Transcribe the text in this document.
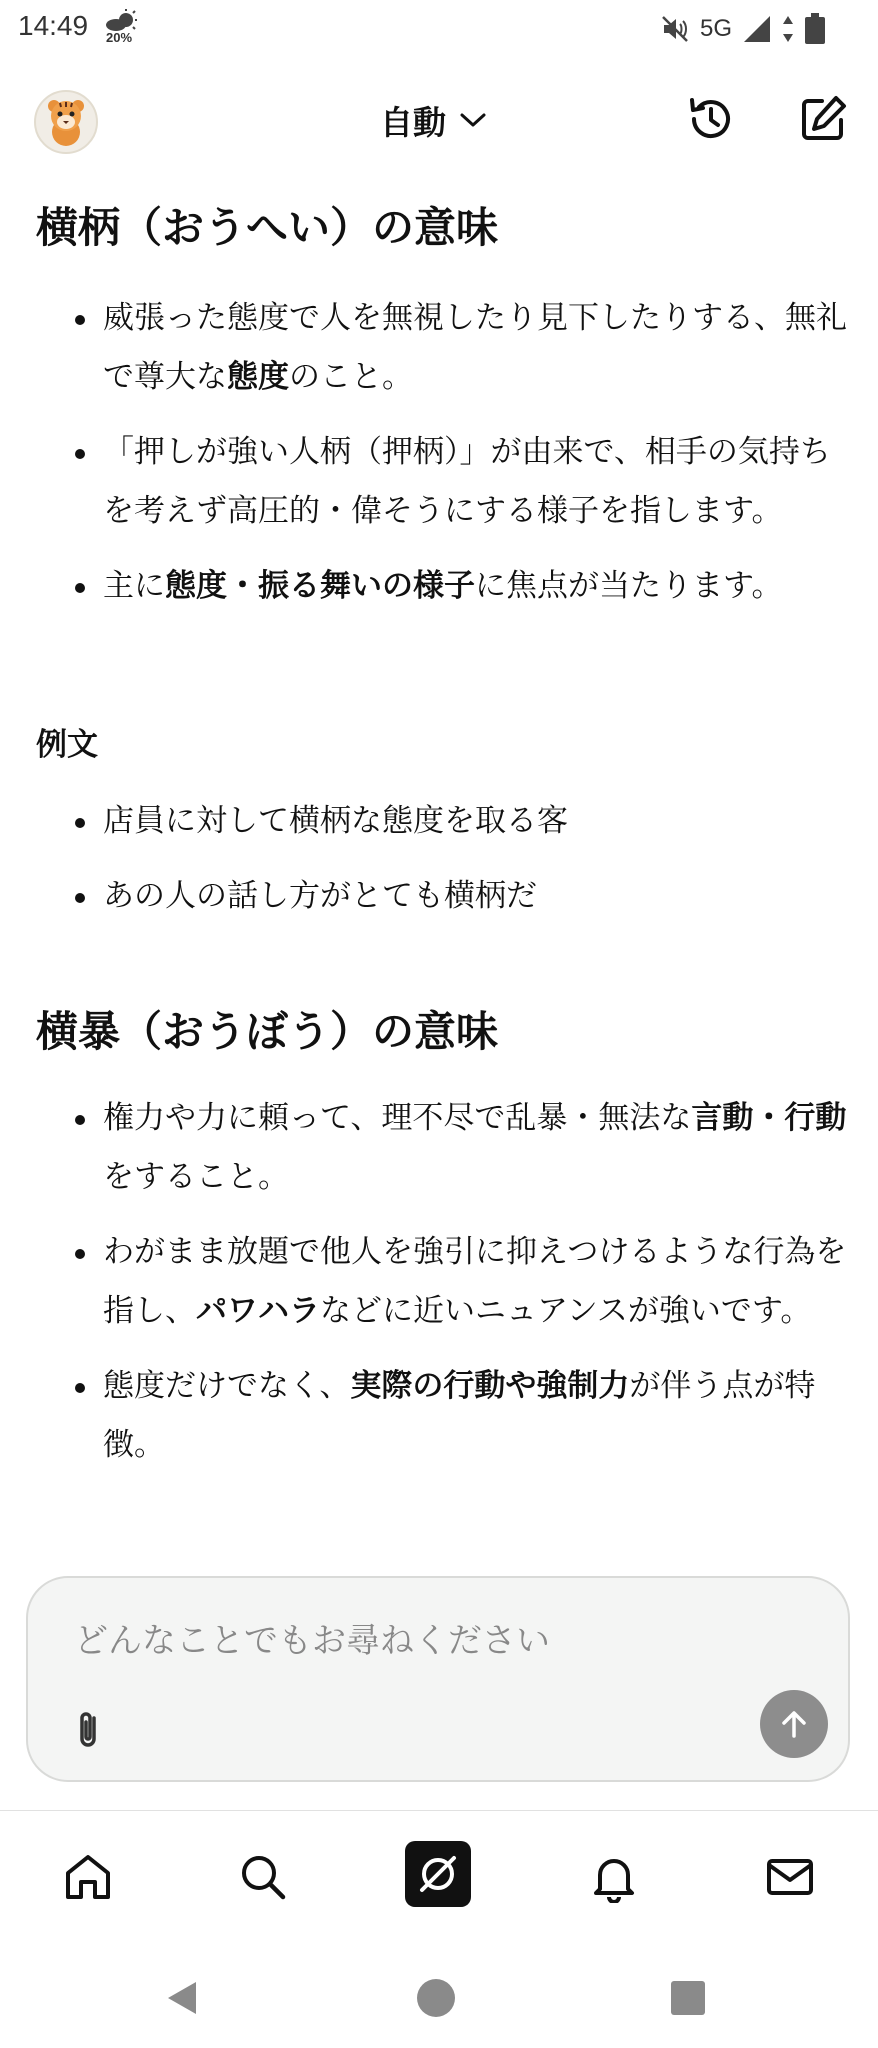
14:49 20%	5G
自動
横柄（おうへい）の意味
威張った態度で人を無視したり見下したりする、無礼で尊大な態度のこと。
「押しが強い人柄（押柄）」が由来で、相手の気持ちを考えず高圧的・偉そうにする様子を指します。
主に態度・振る舞いの様子に焦点が当たります。
例文
店員に対して横柄な態度を取る客
あの人の話し方がとても横柄だ
横暴（おうぼう）の意味
権力や力に頼って、理不尽で乱暴・無法な言動・行動をすること。
わがまま放題で他人を強引に抑えつけるような行為を指し、パワハラなどに近いニュアンスが強いです。
態度だけでなく、実際の行動や強制力が伴う点が特徴。
どんなことでもお尋ねください
